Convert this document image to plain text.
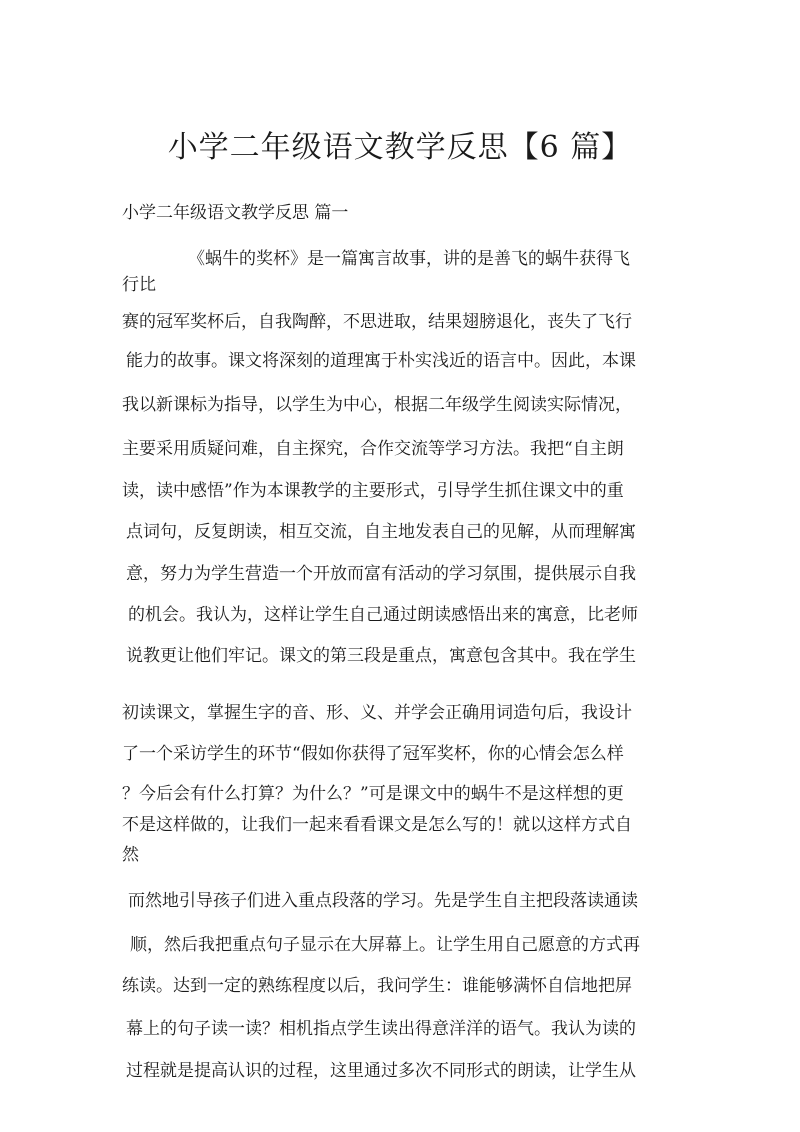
小学二年级语文教学反思【6 篇】
小学二年级语文教学反思 篇一
《蜗牛的奖杯》是一篇寓言故事，讲的是善飞的蜗牛获得飞
行比
赛的冠军奖杯后，自我陶醉，不思进取，结果翅膀退化，丧失了飞行
能力的故事。课文将深刻的道理寓于朴实浅近的语言中。因此，本课
我以新课标为指导，以学生为中心，根据二年级学生阅读实际情况，
主要采用质疑问难，自主探究，合作交流等学习方法。我把“自主朗
读，读中感悟”作为本课教学的主要形式，引导学生抓住课文中的重
点词句，反复朗读，相互交流，自主地发表自己的见解，从而理解寓
意，努力为学生营造一个开放而富有活动的学习氛围，提供展示自我
的机会。我认为，这样让学生自己通过朗读感悟出来的寓意，比老师
说教更让他们牢记。课文的第三段是重点，寓意包含其中。我在学生
初读课文，掌握生字的音、形、义、并学会正确用词造句后，我设计
了一个采访学生的环节“假如你获得了冠军奖杯，你的心情会怎么样
？今后会有什么打算？为什么？”可是课文中的蜗牛不是这样想的更
不是这样做的，让我们一起来看看课文是怎么写的！就以这样方式自
然
而然地引导孩子们进入重点段落的学习。先是学生自主把段落读通读
顺，然后我把重点句子显示在大屏幕上。让学生用自己愿意的方式再
练读。达到一定的熟练程度以后，我问学生：谁能够满怀自信地把屏
幕上的句子读一读？相机指点学生读出得意洋洋的语气。我认为读的
过程就是提高认识的过程，这里通过多次不同形式的朗读，让学生从
